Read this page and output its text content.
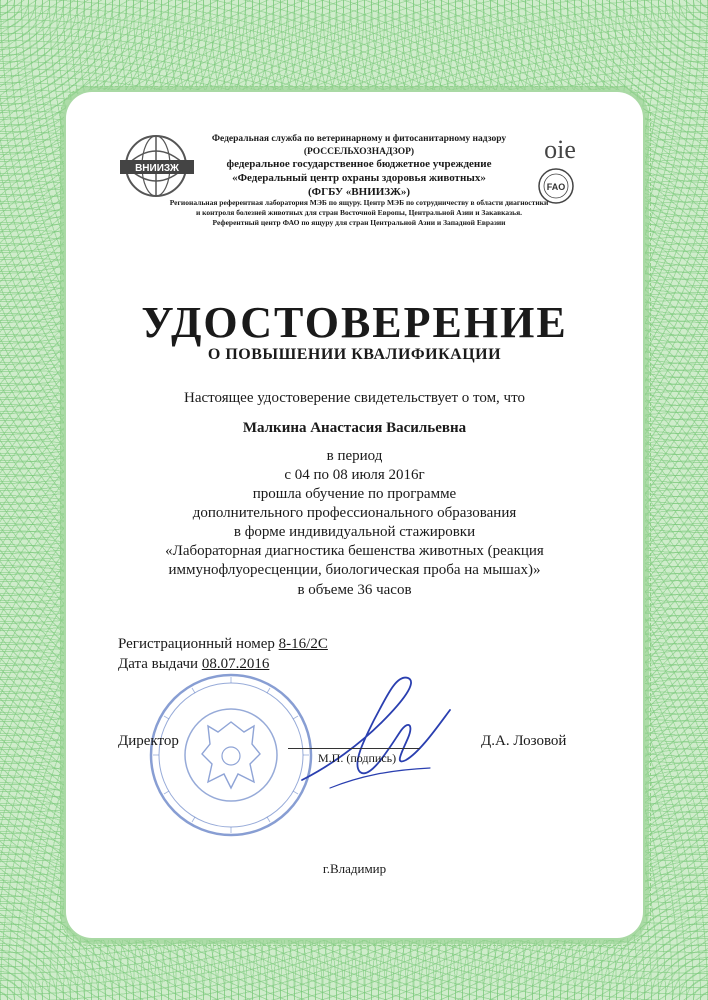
ВНИИЗЖ
oie
FAO
Федеральная служба по ветеринарному и фитосанитарному надзору
(РОССЕЛЬХОЗНАДЗОР)
федеральное государственное бюджетное учреждение
«Федеральный центр охраны здоровья животных»
(ФГБУ «ВНИИЗЖ»)
Региональная референтная лаборатория МЭБ по ящуру. Центр МЭБ по сотрудничеству в области диагностики
и контроля болезней животных для стран Восточной Европы, Центральной Азии и Закавказья.
Референтный центр ФАО по ящуру для стран Центральной Азии и Западной Евразии
УДОСТОВЕРЕНИЕ
О ПОВЫШЕНИИ КВАЛИФИКАЦИИ
Настоящее удостоверение свидетельствует о том, что
Малкина Анастасия Васильевна
в период
с 04 по 08 июля 2016г
прошла обучение по программе
дополнительного профессионального образования
в форме индивидуальной стажировки
«Лабораторная диагностика бешенства животных (реакция
иммунофлуоресценции, биологическая проба на мышах)»
в объеме 36 часов
Регистрационный номер 8-16/2С
Дата выдачи 08.07.2016
Директор
М.П. (подпись)
Д.А. Лозовой
г.Владимир
